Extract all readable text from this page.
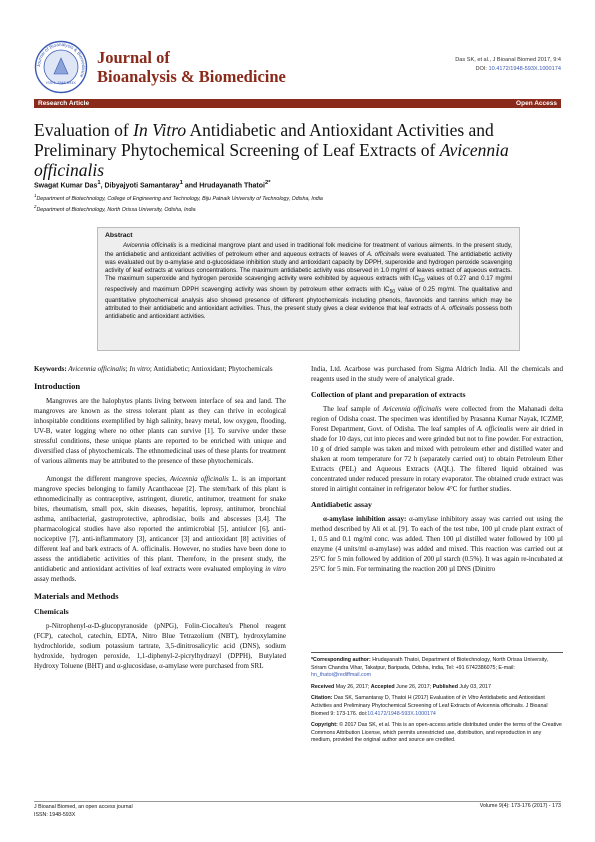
Journal of Bioanalysis & Biomedicine
ISSN: 1948-593X
Journal of
Bioanalysis & Biomedicine
Das SK, et al., J Bioanal Biomed 2017, 9:4
DOI: 10.4172/1948-593X.1000174
Research Article	Open Access
Evaluation of In Vitro Antidiabetic and Antioxidant Activities and Preliminary Phytochemical Screening of Leaf Extracts of Avicennia officinalis
Swagat Kumar Das$^1$, Dibyajyoti Samantaray$^1$ and Hrudayanath Thatoi$^{2*}$
$^1$Department of Biotechnology, College of Engineering and Technology, Biju Patnaik University of Technology, Odisha, India
$^2$Department of Biotechnology, North Orissa University, Odisha, India
Abstract

Avicennia officinalis is a medicinal mangrove plant and used in traditional folk medicine for treatment of various ailments. In the present study, the antidiabetic and antioxidant activities of petroleum ether and aqueous extracts of leaves of A. officinalis were evaluated. The antidiabetic activity was evaluated out by α-amylase and α-glucosidase inhibition study and antioxidant capacity by DPPH, superoxide and hydrogen peroxide scavenging activity of leaf extracts at various concentrations. The maximum antidiabetic activity was observed in 1.0 mg/ml of leaves extract of aqueous extracts. The maximum superoxide and hydrogen peroxide scavenging activity were exhibited by aqueous extracts with $IC_{50}$ values of 0.27 and 0.17 mg/ml respectively and maximum DPPH scavenging activity was shown by petroleum ether extracts with $IC_{50}$ value of 0.25 mg/ml. The qualitative and quantitative phytochemical analysis also showed presence of different phytochemicals including phenols, flavonoids and tannins which may be attributed to their antidiabetic and antioxidant activities. Thus, the present study gives a clear evidence that leaf extracts of A. officinalis possess both antidiabetic and antioxidant activities.

Keywords: Avicennia officinalis; In vitro; Antidiabetic; Antioxidant; Phytochemicals

Introduction

Mangroves are the halophytes plants living between interface of sea and land. The mangroves are known as the stress tolerant plant as they can thrive in ecological inhospitable conditions exemplified by high salinity, heavy metal, low oxygen, flooding, UV-B, water logging where no other plants can survive [1]. To survive under these stressful conditions, these unique plants are reported to be enriched with unique and diversified class of phytochemicals. The ethnomedicinal uses of these plants for treatment of various ailments may be attributed to the presence of these phytochemicals.

Amongst the different mangrove species, Avicennia officinalis L. is an important mangrove species belonging to family Acanthaceae [2]. The stem/bark of this plant is ethnomedicinally as contraceptive, astringent, diuretic, antitumor, treatment for snake bites, rheumatism, small pox, skin diseases, hepatitis, leprosy, antitumor, bronchial asthma, antibacterial, gastroprotective, aphrodisiac, boils and abscesses [3,4]. The pharmacological studies have also reported the antimicrobial [5], antiulcer [6], anti-nociceptive [7], anti-inflammatory [3], anticancer [3] and antioxidant [8] activities of different leaf and bark extracts of A. officinalis. However, no studies have been done to assess the antidiabetic activities of this plant. Therefore, in the present study, the antidiabetic and antioxidant activities of leaf extracts were evaluated employing in vitro assay methods.

Materials and Methods
Chemicals

p-Nitrophenyl-α-D-glucopyranoside (pNPG), Folin-Ciocalteu's Phenol reagent (FCP), catechol, catechin, EDTA, Nitro Blue Tetrazolium (NBT), hydroxylamine hydrochloride, sodium potassium tartrate, 3,5-dinitrosalicylic acid (DNS), sodium hydroxide, hydrogen peroxide, 1,1-diphenyl-2-picrylhydrazyl (DPPH), Butylated Hydroxy Toluene (BHT) and α-glucosidase, α-amylase were purchased from SRL

India, Ltd. Acarbose was purchased from Sigma Aldrich India. All the chemicals and reagents used in the study were of analytical grade.

Collection of plant and preparation of extracts

The leaf sample of Avicennia officinalis were collected from the Mahanadi delta region of Odisha coast. The specimen was identified by Prasanna Kumar Nayak, ICZMP, Forest Department, Govt. of Odisha. The leaf samples of A. officinalis were air dried in shade for 10 days, cut into pieces and were grinded but not to fine powder. For extraction, 10 g of dried sample was taken and mixed with petroleum ether and distilled water and shaken at room temperature for 72 h (separately carried out) to obtain Petroleum Ether Extracts (PEL) and Aqueous Extracts (AQL). The filtered liquid obtained was concentrated under reduced pressure in rotary evaporator. The obtained crude extract was stored in airtight container in refrigerator below 4°C for further studies.

Antidiabetic assay

α-amylase inhibition assay: α-amylase inhibitory assay was carried out using the method described by Ali et al. [9]. To each of the test tube, 100 µl crude plant extract of 1, 0.5 and 0.1 mg/ml conc. was added. Then 100 µl distilled water followed by 100 µl enzyme (4 units/ml α-amylase) was added and mixed. This reaction was carried out at 25°C for 5 min followed by addition of 200 µl starch (0.5%). It was again re-incubated at 25°C for 5 min. For terminating the reaction 200 µl DNS (Dinitro

*Corresponding author: Hrudayanath Thatoi, Department of Biotechnology, North Orissa University, Sriram Chandra Vihar, Takatpur, Baripada, Odisha, India, Tel: +91 6742386075; E-mail: hn_thatoi@rediffmail.com

Received May 26, 2017; Accepted June 26, 2017; Published July 03, 2017

Citation: Das SK, Samantaray D, Thatoi H (2017) Evaluation of In Vitro Antidiabetic and Antioxidant Activities and Preliminary Phytochemical Screening of Leaf Extracts of Avicennia officinalis. J Bioanal Biomed 9: 173-176. doi:10.4172/1948-593X.1000174

Copyright: © 2017 Das SK, et al. This is an open-access article distributed under the terms of the Creative Commons Attribution License, which permits unrestricted use, distribution, and reproduction in any medium, provided the original author and source are credited.

J Bioanal Biomed, an open access journal
ISSN: 1948-593X
Volume 9(4): 173-176 (2017) - 173
